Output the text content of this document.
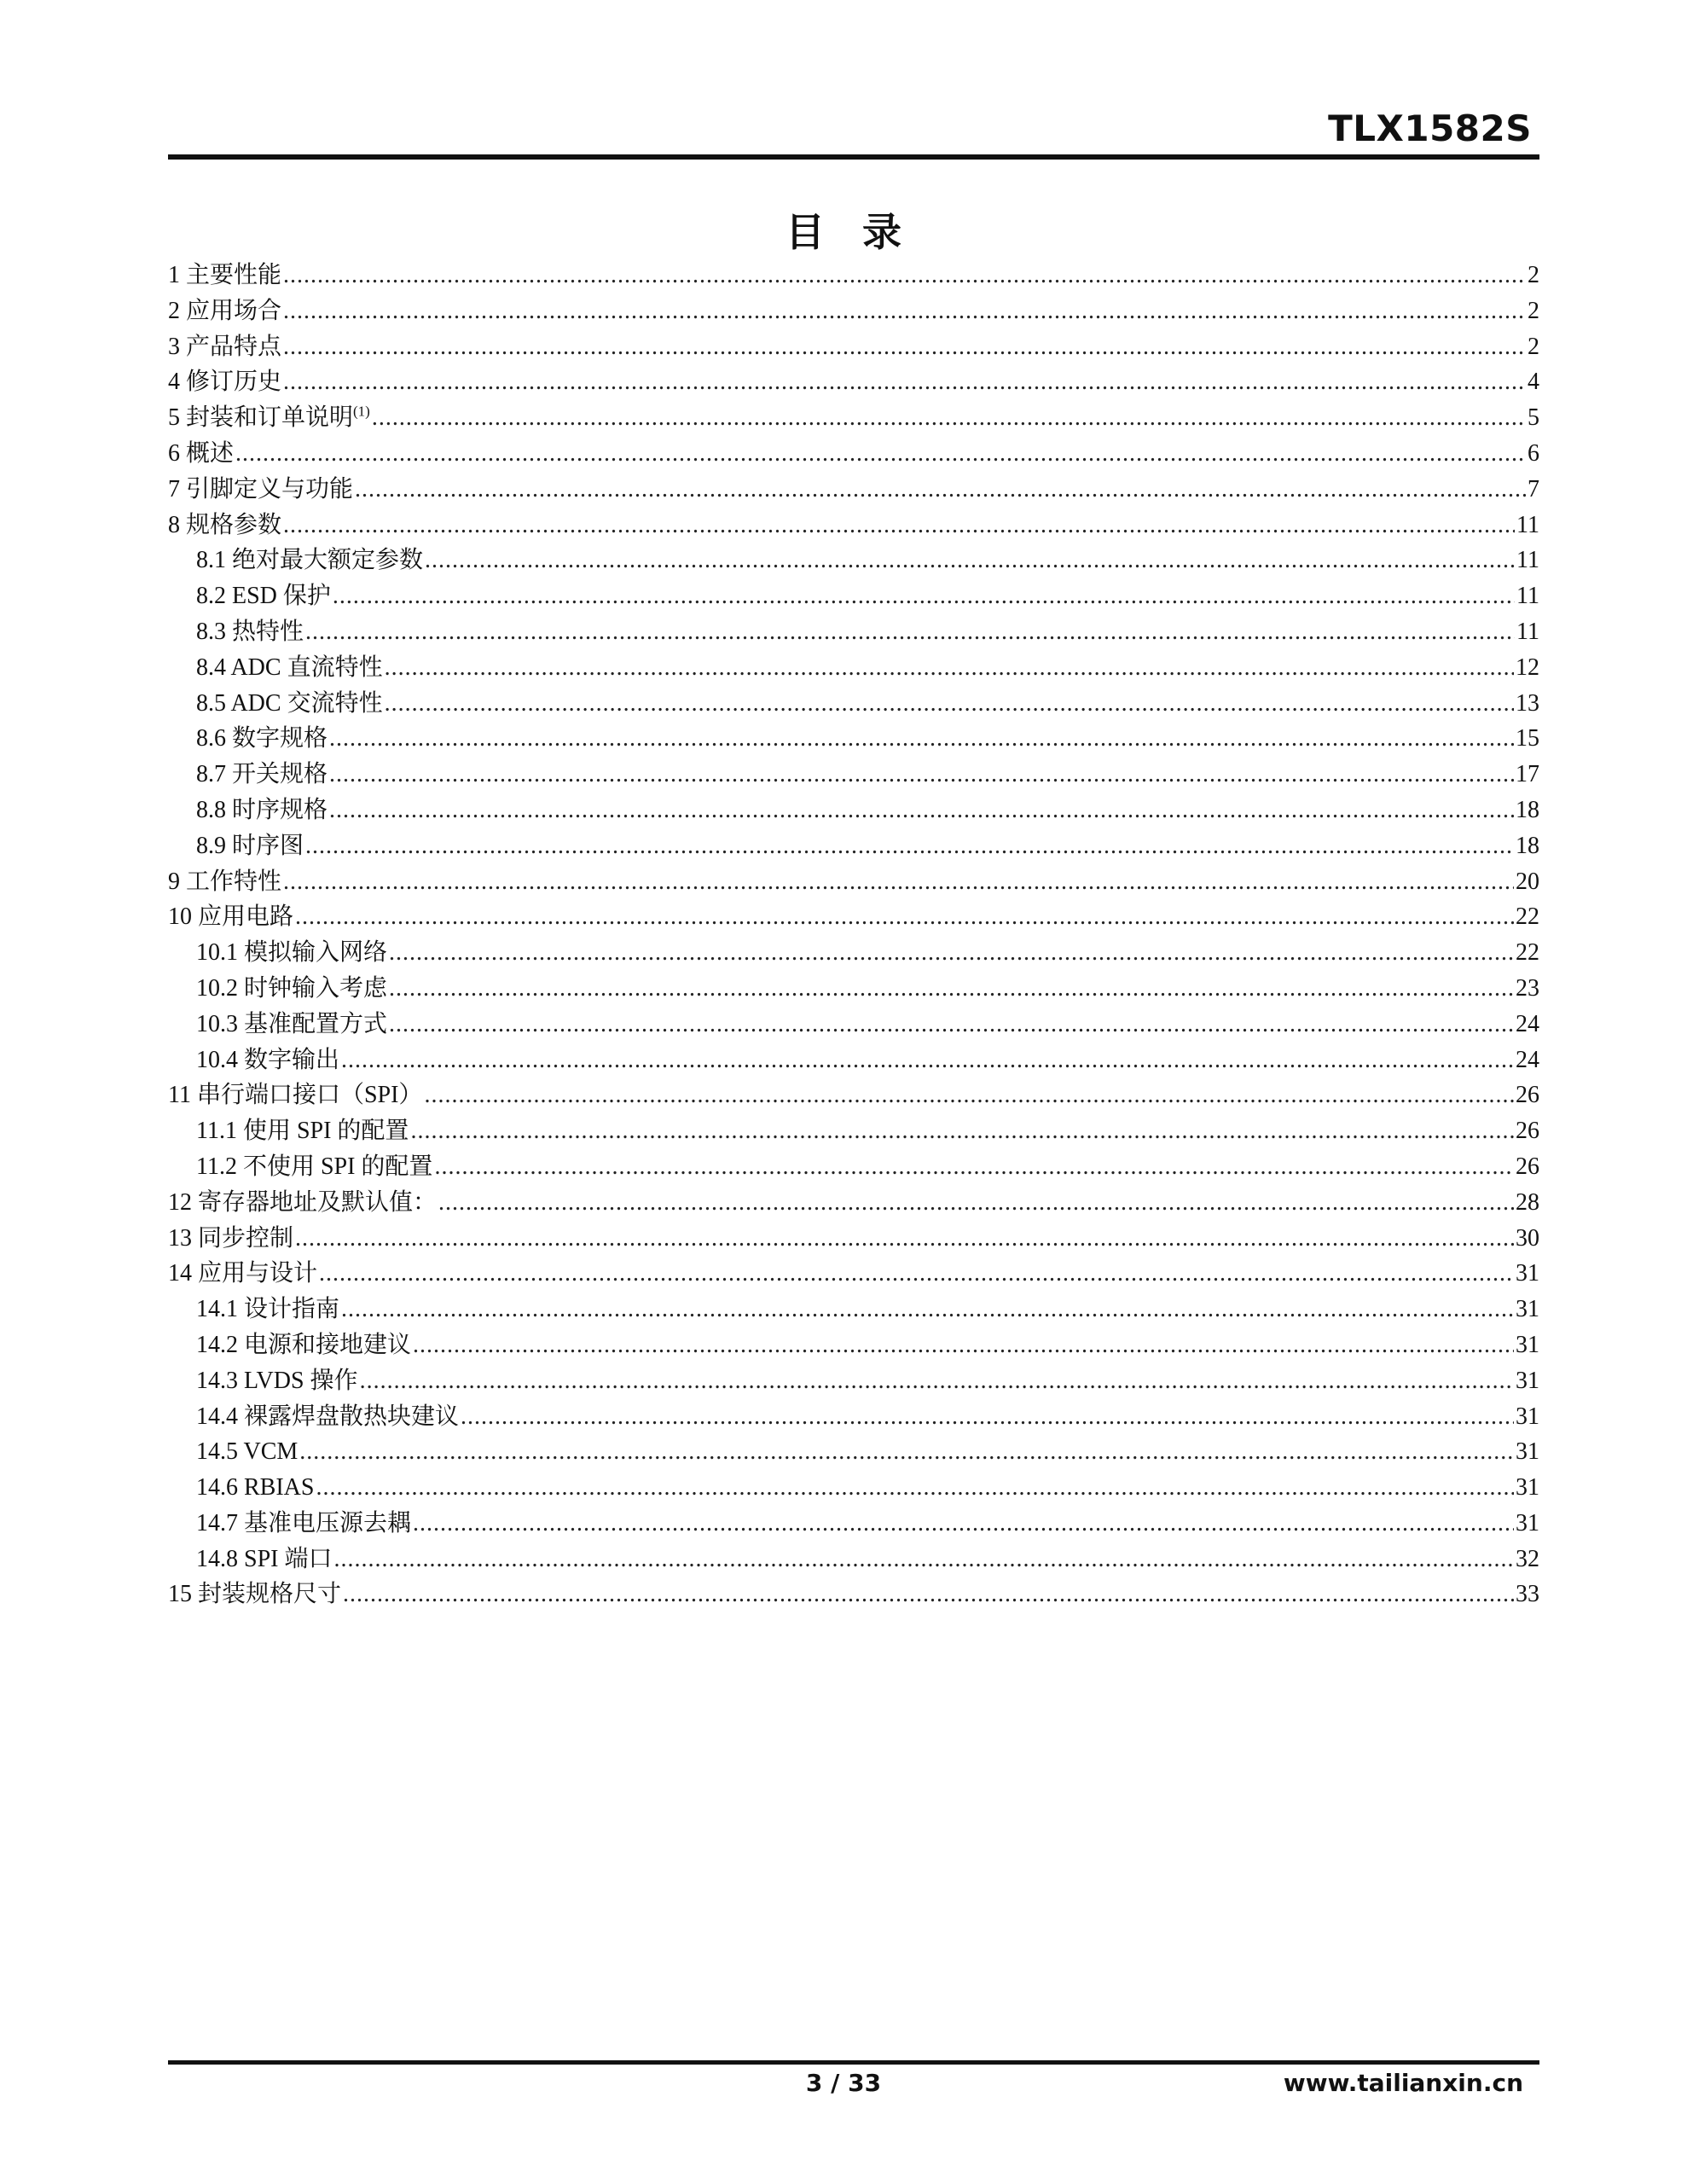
TLX1582S
目 录
1 主要性能 .....	2
2 应用场合 .....	2
3 产品特点 .....	2
4 修订历史 .....	4
5 封装和订单说明$^{(1)}$ .....	5
6 概述 .....	6
7 引脚定义与功能 .....	7
8 规格参数 .....	11
8.1 绝对最大额定参数 .....	11
8.2 ESD 保护 .....	11
8.3 热特性 .....	11
8.4 ADC 直流特性 .....	12
8.5 ADC 交流特性 .....	13
8.6 数字规格 .....	15
8.7 开关规格 .....	17
8.8 时序规格 .....	18
8.9 时序图 .....	18
9 工作特性 .....	20
10 应用电路 .....	22
10.1 模拟输入网络 .....	22
10.2 时钟输入考虑 .....	23
10.3 基准配置方式 .....	24
10.4 数字输出 .....	24
11 串行端口接口（SPI） .....	26
11.1 使用 SPI 的配置 .....	26
11.2 不使用 SPI 的配置 .....	26
12 寄存器地址及默认值： .....	28
13 同步控制 .....	30
14 应用与设计 .....	31
14.1 设计指南 .....	31
14.2 电源和接地建议 .....	31
14.3 LVDS 操作 .....	31
14.4 裸露焊盘散热块建议 .....	31
14.5 VCM .....	31
14.6 RBIAS .....	31
14.7 基准电压源去耦 .....	31
14.8 SPI 端口 .....	32
15 封装规格尺寸 .....	33
3 / 33	www.tailianxin.cn
